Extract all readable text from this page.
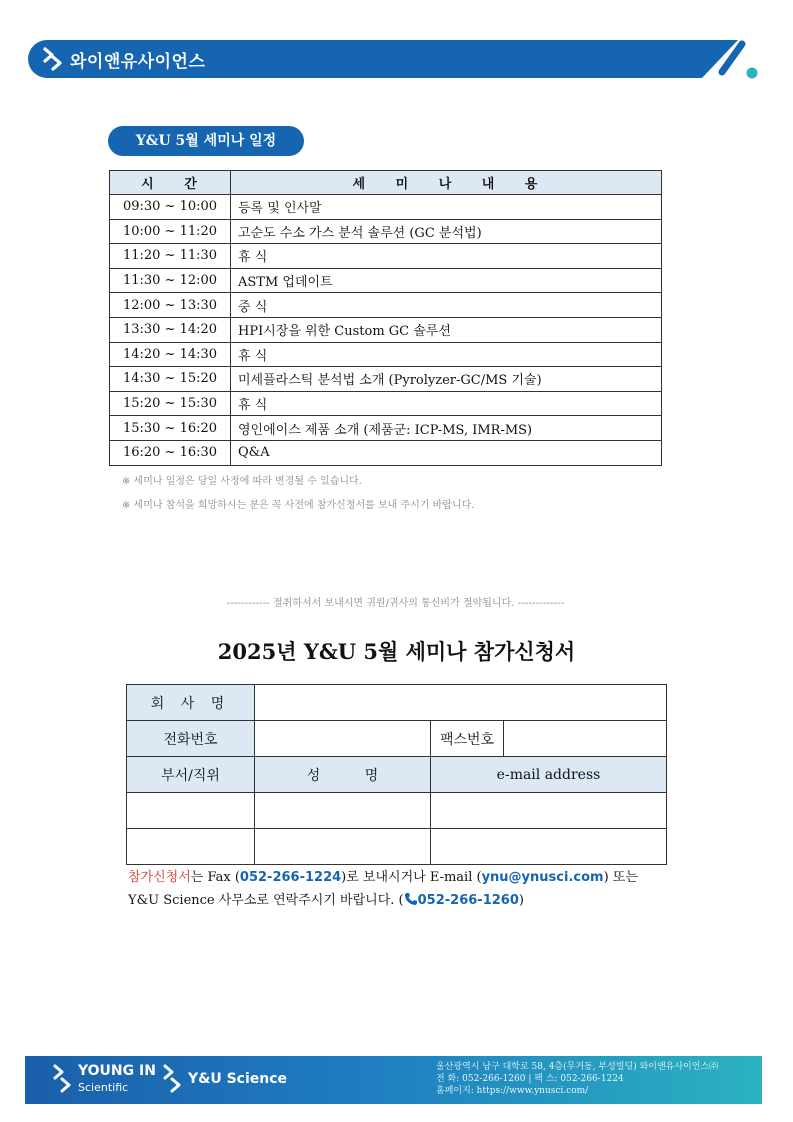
와이앤유사이언스
Y&U 5월 세미나 일정
시 간	세 미 나 내 용
09:30 ~ 10:00	등록 및 인사말
10:00 ~ 11:20	고순도 수소 가스 분석 솔루션 (GC 분석법)
11:20 ~ 11:30	휴 식
11:30 ~ 12:00	ASTM 업데이트
12:00 ~ 13:30	중 식
13:30 ~ 14:20	HPI시장을 위한 Custom GC 솔루션
14:20 ~ 14:30	휴 식
14:30 ~ 15:20	미세플라스틱 분석법 소개 (Pyrolyzer-GC/MS 기술)
15:20 ~ 15:30	휴 식
15:30 ~ 16:20	영인에이스 제품 소개 (제품군: ICP-MS, IMR-MS)
16:20 ~ 16:30	Q&A
※ 세미나 일정은 당일 사정에 따라 변경될 수 있습니다.
※ 세미나 참석을 희망하시는 분은 꼭 사전에 참가신청서를 보내 주시기 바랍니다.
------------ 절취하셔서 보내시면 귀원/귀사의 통신비가 절약됩니다. -------------
2025년 Y&U 5월 세미나 참가신청서
회 사 명			
전화번호		팩스번호	
부서/직위	성 명	e-mail address	

참가신청서는 Fax (052-266-1224)로 보내시거나 E-mail (ynu@ynusci.com) 또는
Y&U Science 사무소로 연락주시기 바랍니다. ( 052-266-1260)
YOUNG IN
Scientific
Y&U Science
울산광역시 남구 대학로 58, 4층(무거동, 부성빌딩) 와이앤유사이언스㈜
전 화: 052-266-1260 | 팩 스: 052-266-1224
홈페이지: https://www.ynusci.com/
